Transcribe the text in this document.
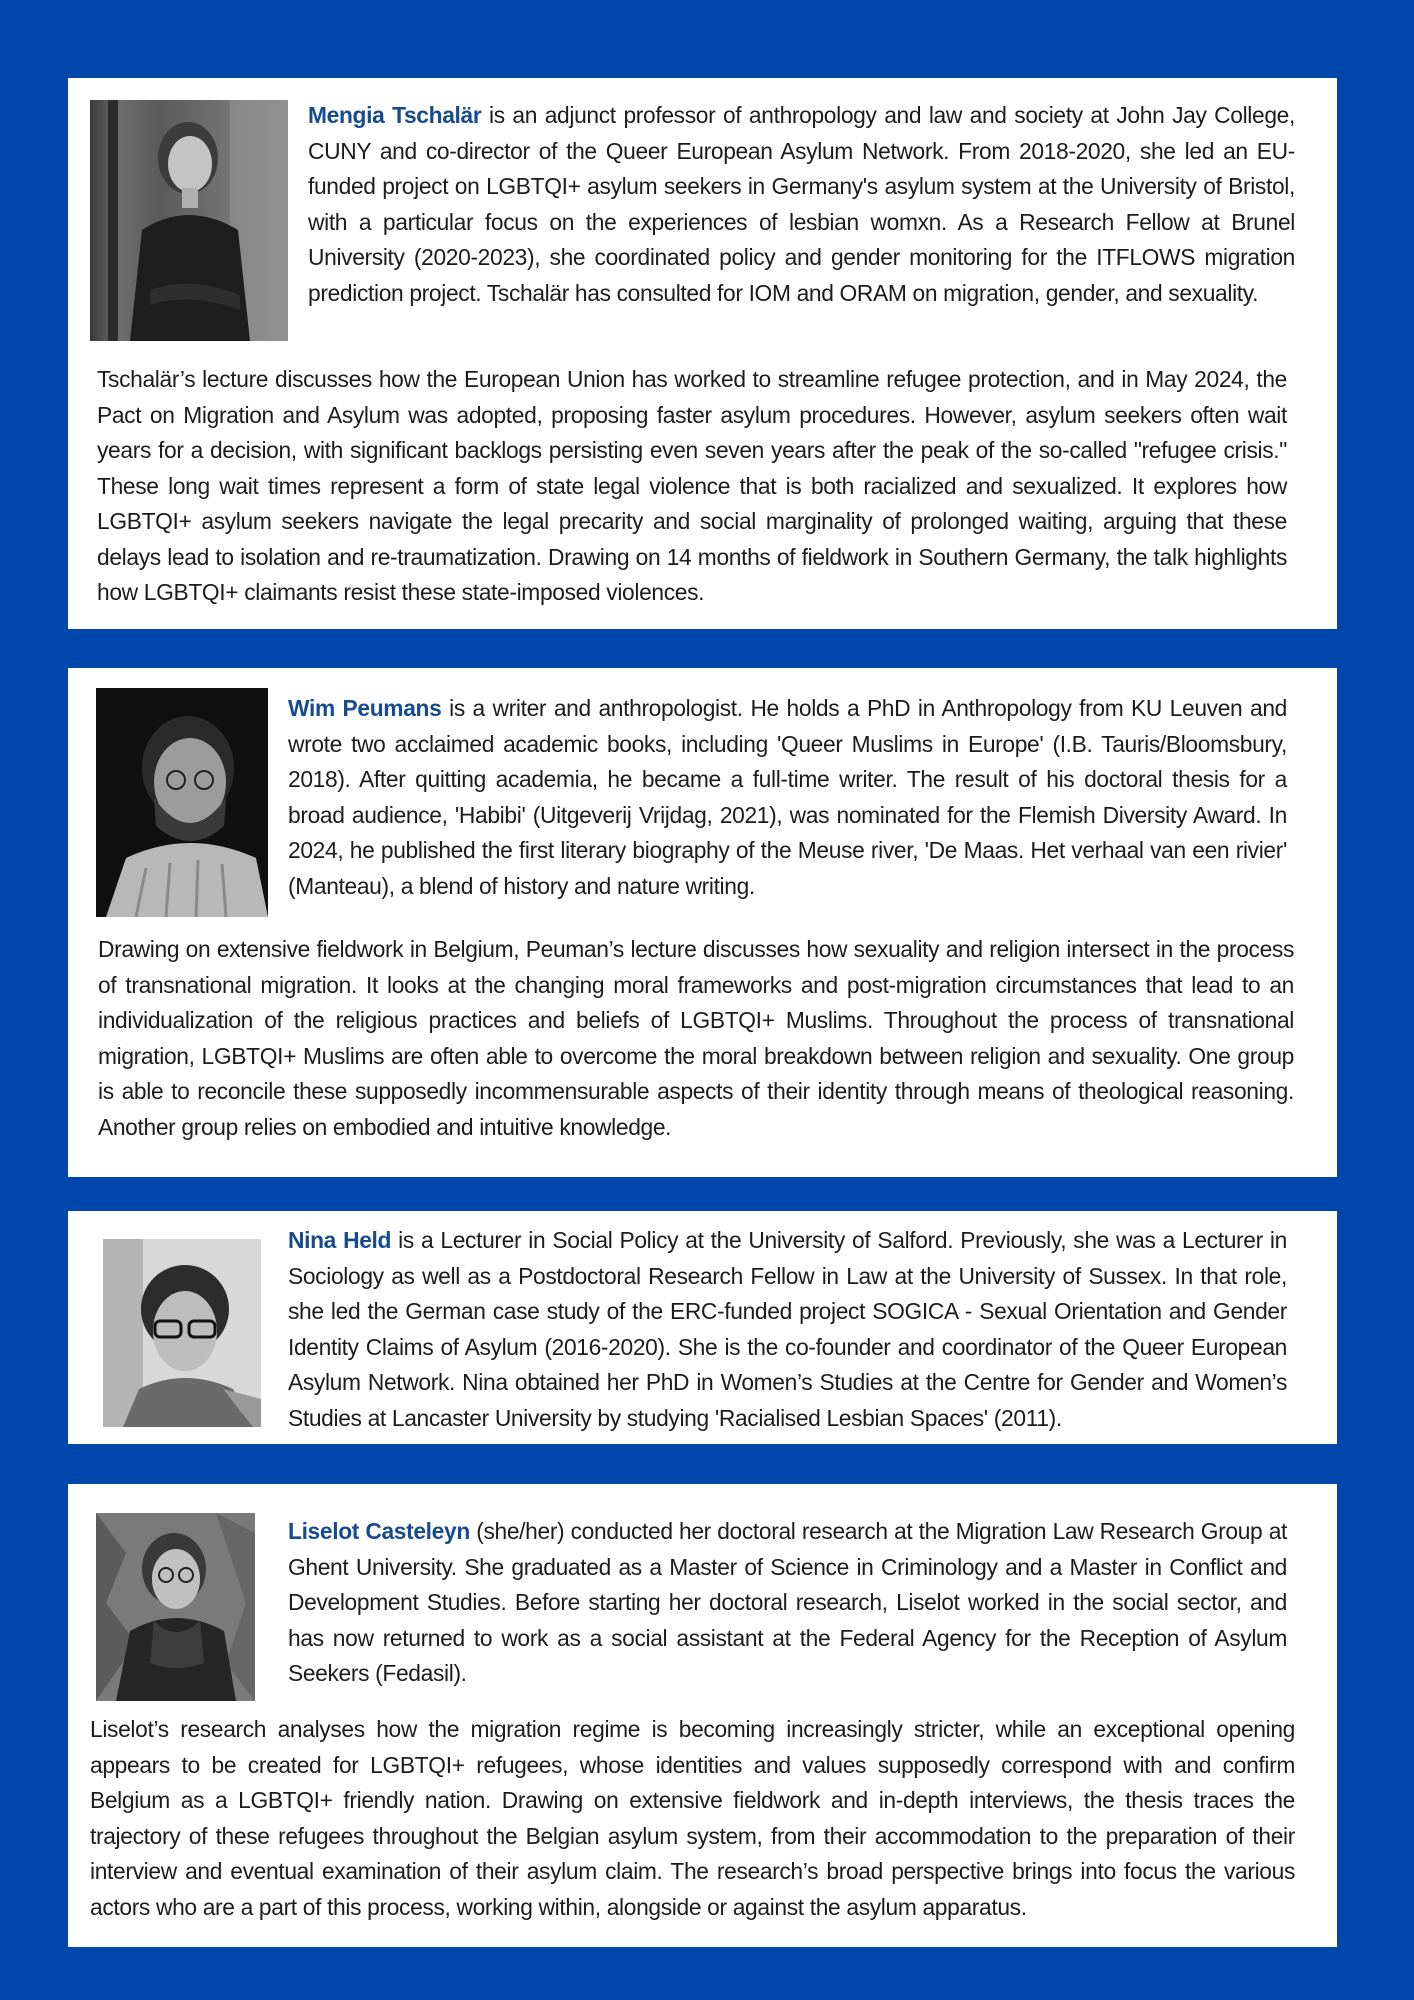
Mengia Tschalär is an adjunct professor of anthropology and law and society at John Jay College, CUNY and co-director of the Queer European Asylum Network. From 2018-2020, she led an EU-funded project on LGBTQI+ asylum seekers in Germany's asylum system at the University of Bristol, with a particular focus on the experiences of lesbian womxn. As a Research Fellow at Brunel University (2020-2023), she coordinated policy and gender monitoring for the ITFLOWS migration prediction project. Tschalär has consulted for IOM and ORAM on migration, gender, and sexuality.
Tschalär’s lecture discusses how the European Union has worked to streamline refugee protection, and in May 2024, the Pact on Migration and Asylum was adopted, proposing faster asylum procedures. However, asylum seekers often wait years for a decision, with significant backlogs persisting even seven years after the peak of the so-called "refugee crisis." These long wait times represent a form of state legal violence that is both racialized and sexualized. It explores how LGBTQI+ asylum seekers navigate the legal precarity and social marginality of prolonged waiting, arguing that these delays lead to isolation and re-traumatization. Drawing on 14 months of fieldwork in Southern Germany, the talk highlights how LGBTQI+ claimants resist these state-imposed violences.
Wim Peumans is a writer and anthropologist. He holds a PhD in Anthropology from KU Leuven and wrote two acclaimed academic books, including 'Queer Muslims in Europe' (I.B. Tauris/Bloomsbury, 2018). After quitting academia, he became a full-time writer. The result of his doctoral thesis for a broad audience, 'Habibi' (Uitgeverij Vrijdag, 2021), was nominated for the Flemish Diversity Award. In 2024, he published the first literary biography of the Meuse river, 'De Maas. Het verhaal van een rivier' (Manteau), a blend of history and nature writing.
Drawing on extensive fieldwork in Belgium, Peuman’s lecture discusses how sexuality and religion intersect in the process of transnational migration. It looks at the changing moral frameworks and post-migration circumstances that lead to an individualization of the religious practices and beliefs of LGBTQI+ Muslims. Throughout the process of transnational migration, LGBTQI+ Muslims are often able to overcome the moral breakdown between religion and sexuality. One group is able to reconcile these supposedly incommensurable aspects of their identity through means of theological reasoning. Another group relies on embodied and intuitive knowledge.
Nina Held is a Lecturer in Social Policy at the University of Salford. Previously, she was a Lecturer in Sociology as well as a Postdoctoral Research Fellow in Law at the University of Sussex. In that role, she led the German case study of the ERC-funded project SOGICA - Sexual Orientation and Gender Identity Claims of Asylum (2016-2020). She is the co-founder and coordinator of the Queer European Asylum Network. Nina obtained her PhD in Women’s Studies at the Centre for Gender and Women’s Studies at Lancaster University by studying 'Racialised Lesbian Spaces' (2011).
Liselot Casteleyn (she/her) conducted her doctoral research at the Migration Law Research Group at Ghent University. She graduated as a Master of Science in Criminology and a Master in Conflict and Development Studies. Before starting her doctoral research, Liselot worked in the social sector, and has now returned to work as a social assistant at the Federal Agency for the Reception of Asylum Seekers (Fedasil).
Liselot’s research analyses how the migration regime is becoming increasingly stricter, while an exceptional opening appears to be created for LGBTQI+ refugees, whose identities and values supposedly correspond with and confirm Belgium as a LGBTQI+ friendly nation. Drawing on extensive fieldwork and in-depth interviews, the thesis traces the trajectory of these refugees throughout the Belgian asylum system, from their accommodation to the preparation of their interview and eventual examination of their asylum claim. The research’s broad perspective brings into focus the various actors who are a part of this process, working within, alongside or against the asylum apparatus.
